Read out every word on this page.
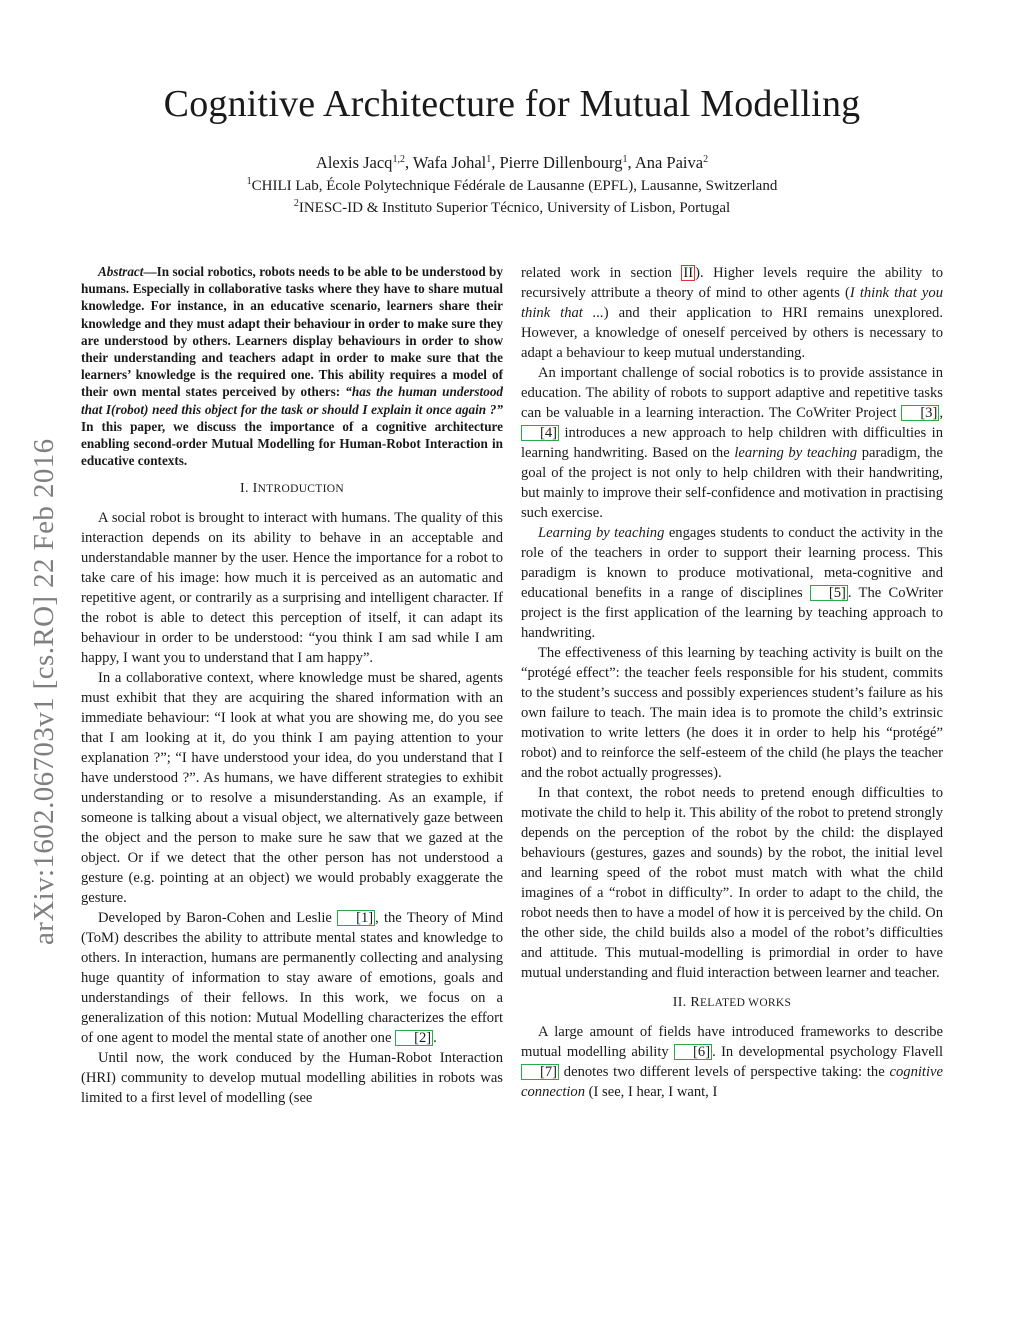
Cognitive Architecture for Mutual Modelling
Alexis Jacq$^{1,2}$, Wafa Johal$^1$, Pierre Dillenbourg$^1$, Ana Paiva$^2$
$^1$CHILI Lab, École Polytechnique Fédérale de Lausanne (EPFL), Lausanne, Switzerland
$^2$INESC-ID & Instituto Superior Técnico, University of Lisbon, Portugal
arXiv:1602.06703v1 [cs.RO] 22 Feb 2016

Abstract—In social robotics, robots needs to be able to be understood by humans. Especially in collaborative tasks where they have to share mutual knowledge. For instance, in an educative scenario, learners share their knowledge and they must adapt their behaviour in order to make sure they are understood by others. Learners display behaviours in order to show their understanding and teachers adapt in order to make sure that the learners’ knowledge is the required one. This ability requires a model of their own mental states perceived by others: “has the human understood that I(robot) need this object for the task or should I explain it once again ?” In this paper, we discuss the importance of a cognitive architecture enabling second-order Mutual Modelling for Human-Robot Interaction in educative contexts.

I. INTRODUCTION

A social robot is brought to interact with humans. The quality of this interaction depends on its ability to behave in an acceptable and understandable manner by the user. Hence the importance for a robot to take care of his image: how much it is perceived as an automatic and repetitive agent, or contrarily as a surprising and intelligent character. If the robot is able to detect this perception of itself, it can adapt its behaviour in order to be understood: “you think I am sad while I am happy, I want you to understand that I am happy”.

In a collaborative context, where knowledge must be shared, agents must exhibit that they are acquiring the shared information with an immediate behaviour: “I look at what you are showing me, do you see that I am looking at it, do you think I am paying attention to your explanation ?”; “I have understood your idea, do you understand that I have understood ?”. As humans, we have different strategies to exhibit understanding or to resolve a misunderstanding. As an example, if someone is talking about a visual object, we alternatively gaze between the object and the person to make sure he saw that we gazed at the object. Or if we detect that the other person has not understood a gesture (e.g. pointing at an object) we would probably exaggerate the gesture.

Developed by Baron-Cohen and Leslie [1] , the Theory of Mind (ToM) describes the ability to attribute mental states and knowledge to others. In interaction, humans are permanently collecting and analysing huge quantity of information to stay aware of emotions, goals and understandings of their fellows. In this work, we focus on a generalization of this notion: Mutual Modelling characterizes the effort of one agent to model the mental state of another one [2] .

Until now, the work conduced by the Human-Robot Interaction (HRI) community to develop mutual modelling abilities in robots was limited to a first level of modelling (see

related work in section II ). Higher levels require the ability to recursively attribute a theory of mind to other agents (I think that you think that ...) and their application to HRI remains unexplored. However, a knowledge of oneself perceived by others is necessary to adapt a behaviour to keep mutual understanding.

An important challenge of social robotics is to provide assistance in education. The ability of robots to support adaptive and repetitive tasks can be valuable in a learning interaction. The CoWriter Project [3] , [4] introduces a new approach to help children with difficulties in learning handwriting. Based on the learning by teaching paradigm, the goal of the project is not only to help children with their handwriting, but mainly to improve their self-confidence and motivation in practising such exercise.

Learning by teaching engages students to conduct the activity in the role of the teachers in order to support their learning process. This paradigm is known to produce motivational, meta-cognitive and educational benefits in a range of disciplines [5] . The CoWriter project is the first application of the learning by teaching approach to handwriting.

The effectiveness of this learning by teaching activity is built on the “protégé effect”: the teacher feels responsible for his student, commits to the student’s success and possibly experiences student’s failure as his own failure to teach. The main idea is to promote the child’s extrinsic motivation to write letters (he does it in order to help his “protégé” robot) and to reinforce the self-esteem of the child (he plays the teacher and the robot actually progresses).

In that context, the robot needs to pretend enough difficulties to motivate the child to help it. This ability of the robot to pretend strongly depends on the perception of the robot by the child: the displayed behaviours (gestures, gazes and sounds) by the robot, the initial level and learning speed of the robot must match with what the child imagines of a “robot in difficulty”. In order to adapt to the child, the robot needs then to have a model of how it is perceived by the child. On the other side, the child builds also a model of the robot’s difficulties and attitude. This mutual-modelling is primordial in order to have mutual understanding and fluid interaction between learner and teacher.

II. RELATED WORKS

A large amount of fields have introduced frameworks to describe mutual modelling ability [6] . In developmental psychology Flavell [7] denotes two different levels of perspective taking: the cognitive connection (I see, I hear, I want, I
